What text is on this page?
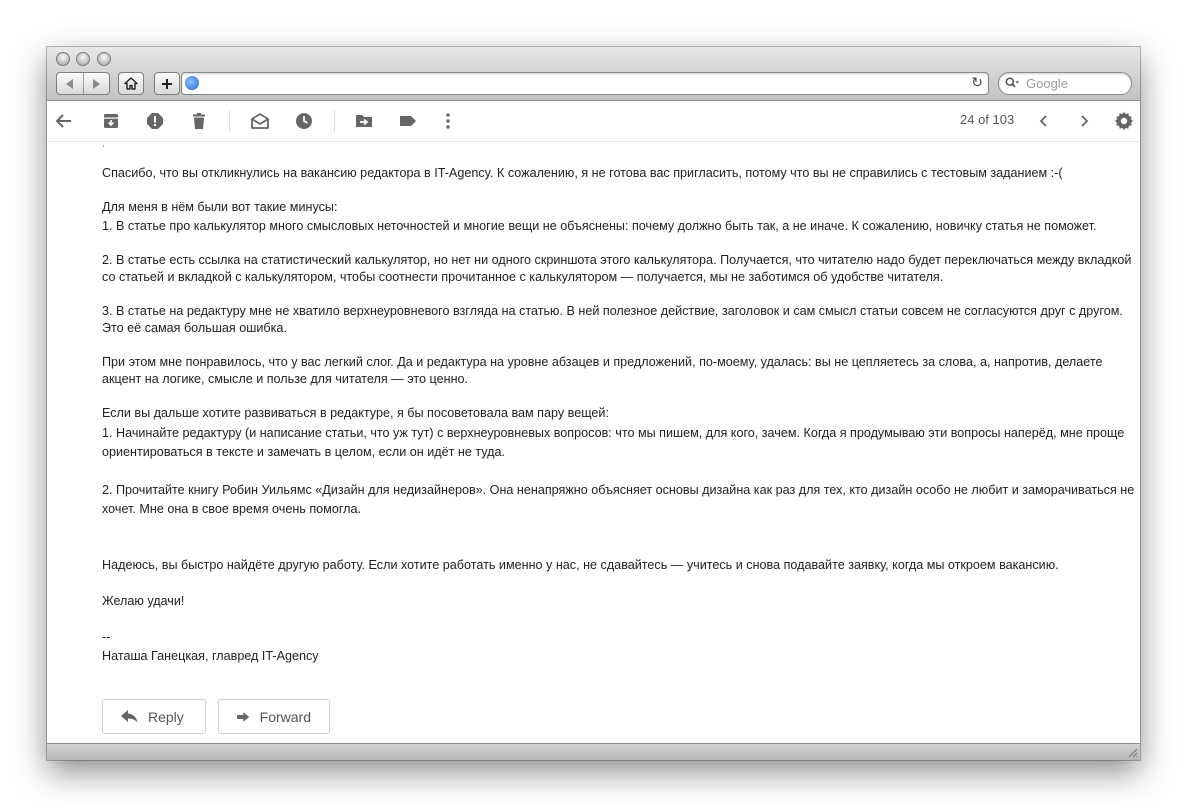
↻	Google
24 of 103
,

Спасибо, что вы откликнулись на вакансию редактора в IT-Agency. К сожалению, я не готова вас пригласить, потому что вы не справились с тестовым заданием :-(

Для меня в нём были вот такие минусы:

1. В статье про калькулятор много смысловых неточностей и многие вещи не объяснены: почему должно быть так, а не иначе. К сожалению, новичку статья не поможет.

2. В статье есть ссылка на статистический калькулятор, но нет ни одного скриншота этого калькулятора. Получается, что читателю надо будет переключаться между вкладкой со статьей и вкладкой с калькулятором, чтобы соотнести прочитанное с калькулятором — получается, мы не заботимся об удобстве читателя.

3. В статье на редактуру мне не хватило верхнеуровневого взгляда на статью. В ней полезное действие, заголовок и сам смысл статьи совсем не согласуются друг с другом. Это её самая большая ошибка.

При этом мне понравилось, что у вас легкий слог. Да и редактура на уровне абзацев и предложений, по-моему, удалась: вы не цепляетесь за слова, а, напротив, делаете акцент на логике, смысле и пользе для читателя — это ценно.

Если вы дальше хотите развиваться в редактуре, я бы посоветовала вам пару вещей:

1. Начинайте редактуру (и написание статьи, что уж тут) с верхнеуровневых вопросов: что мы пишем, для кого, зачем. Когда я продумываю эти вопросы наперёд, мне проще ориентироваться в тексте и замечать в целом, если он идёт не туда.

2. Прочитайте книгу Робин Уильямс «Дизайн для недизайнеров». Она ненапряжно объясняет основы дизайна как раз для тех, кто дизайн особо не любит и заморачиваться не хочет. Мне она в свое время очень помогла.

Надеюсь, вы быстро найдёте другую работу. Если хотите работать именно у нас, не сдавайтесь — учитесь и снова подавайте заявку, когда мы откроем вакансию.

Желаю удачи!

--

Наташа Ганецкая, главред IT-Agency

Reply	Forward
